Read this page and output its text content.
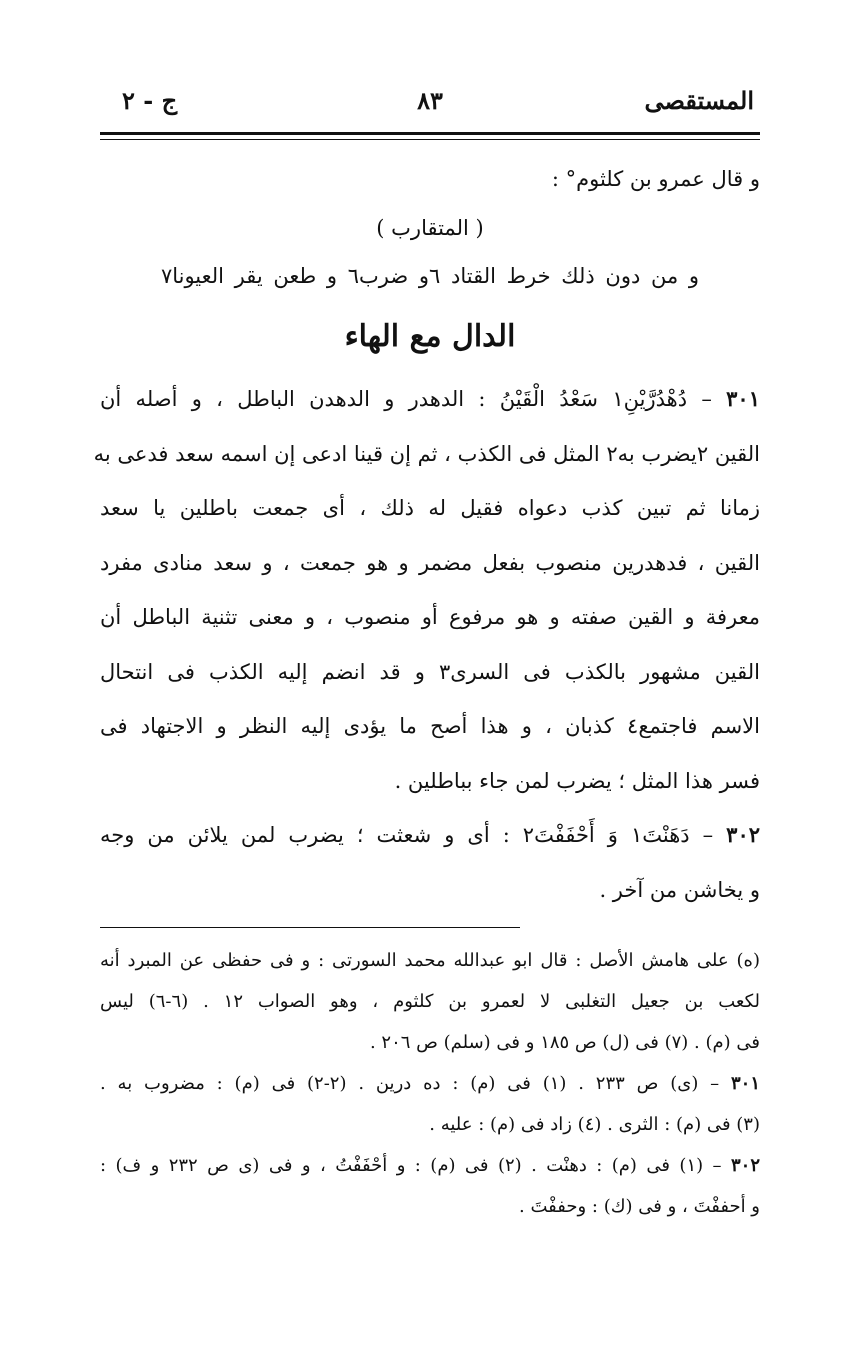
المستقصى
٨٣
ج - ٢

و قال عمرو بن كلثوم° :

( المتقارب )

و من دون ذلك خرط القتاد ٦و ضرب٦ و طعن يقر العيونا٧

الدال مع الهاء

٣٠١ – دُهْدُرَّيْنِ١ سَعْدُ الْقَيْنُ : الدهدر و الدهدن الباطل ، و أصله أن
القين ٢يضرب به٢ المثل فى الكذب ، ثم إن قينا ادعى إن اسمه سعد فدعى به
زمانا ثم تبين كذب دعواه فقيل له ذلك ، أى جمعت باطلين يا سعد
القين ، فدهدرين منصوب بفعل مضمر و هو جمعت ، و سعد منادى مفرد
معرفة و القين صفته و هو مرفوع أو منصوب ، و معنى تثنية الباطل أن
القين مشهور بالكذب فى السرى٣ و قد انضم إليه الكذب فى انتحال
الاسم فاجتمع٤ كذبان ، و هذا أصح ما يؤدى إليه النظر و الاجتهاد فى
فسر هذا المثل ؛ يضرب لمن جاء بباطلين .
٣٠٢ – دَهَنْتَ١ وَ أَحْفَفْتَ٢ : أى و شعثت ؛ يضرب لمن يلائن من وجه
و يخاشن من آخر .

(ه) على هامش الأصل : قال ابو عبدالله محمد السورتى : و فى حفظى عن المبرد أنه

لكعب بن جعيل التغلبى لا لعمرو بن كلثوم ، وهو الصواب ١٢ . (٦-٦) ليس

فى (م) . (٧) فى (ل) ص ١٨٥ و فى (سلم) ص ٢٠٦ .

٣٠١ – (ى) ص ٢٣٣ . (١) فى (م) : ده درين . (٢-٢) فى (م) : مضروب به .

(٣) فى (م) : الثرى . (٤) زاد فى (م) : عليه .

٣٠٢ – (١) فى (م) : دهنْت . (٢) فى (م) : و أحْفَفْتُ ، و فى (ى ص ٢٣٢ و ف) :

و أحففْتَ ، و فى (ك) : وحففْتَ .
